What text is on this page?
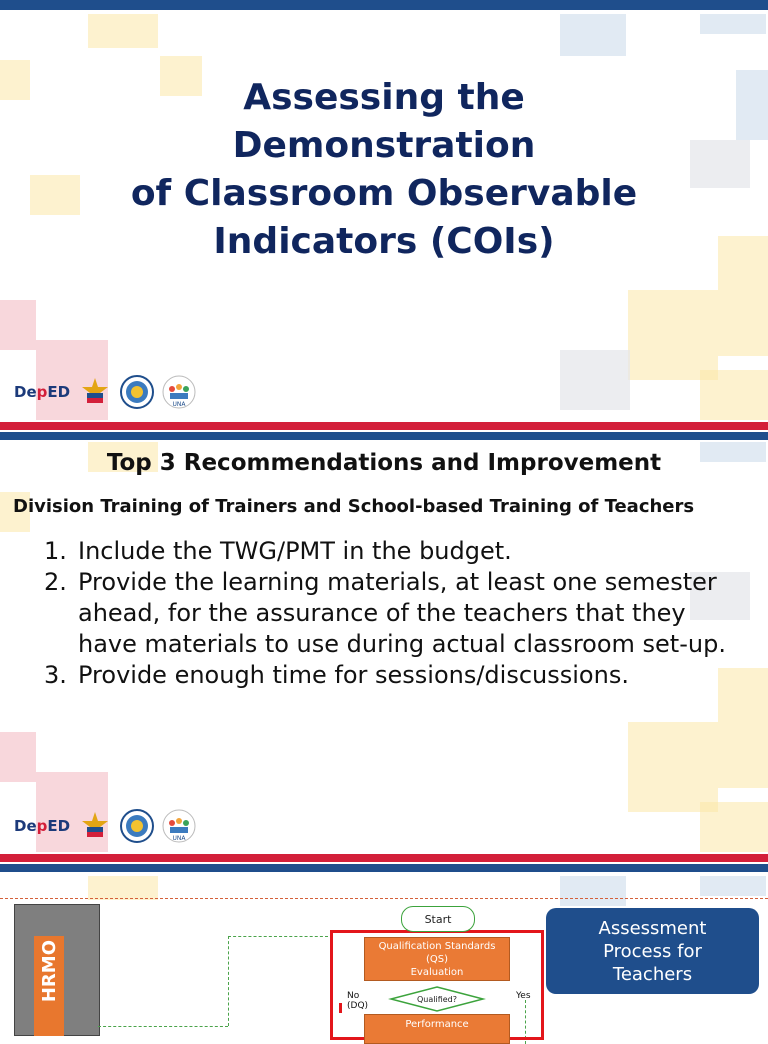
Assessing the
Demonstration
of Classroom Observable
Indicators (COIs)
DepED
UNA
Top 3 Recommendations and Improvement
Division Training of Trainers and School-based Training of Teachers
1. Include the TWG/PMT in the budget.
2. Provide the learning materials, at least one semester ahead, for the assurance of the teachers that they have materials to use during actual classroom set-up.
3. Provide enough time for sessions/discussions.
DepED
UNA
HRMO
Start
Qualification Standards
(QS)
Evaluation
Qualified?
No
(DQ)
Yes
Performance
Assessment
Process for
Teachers
